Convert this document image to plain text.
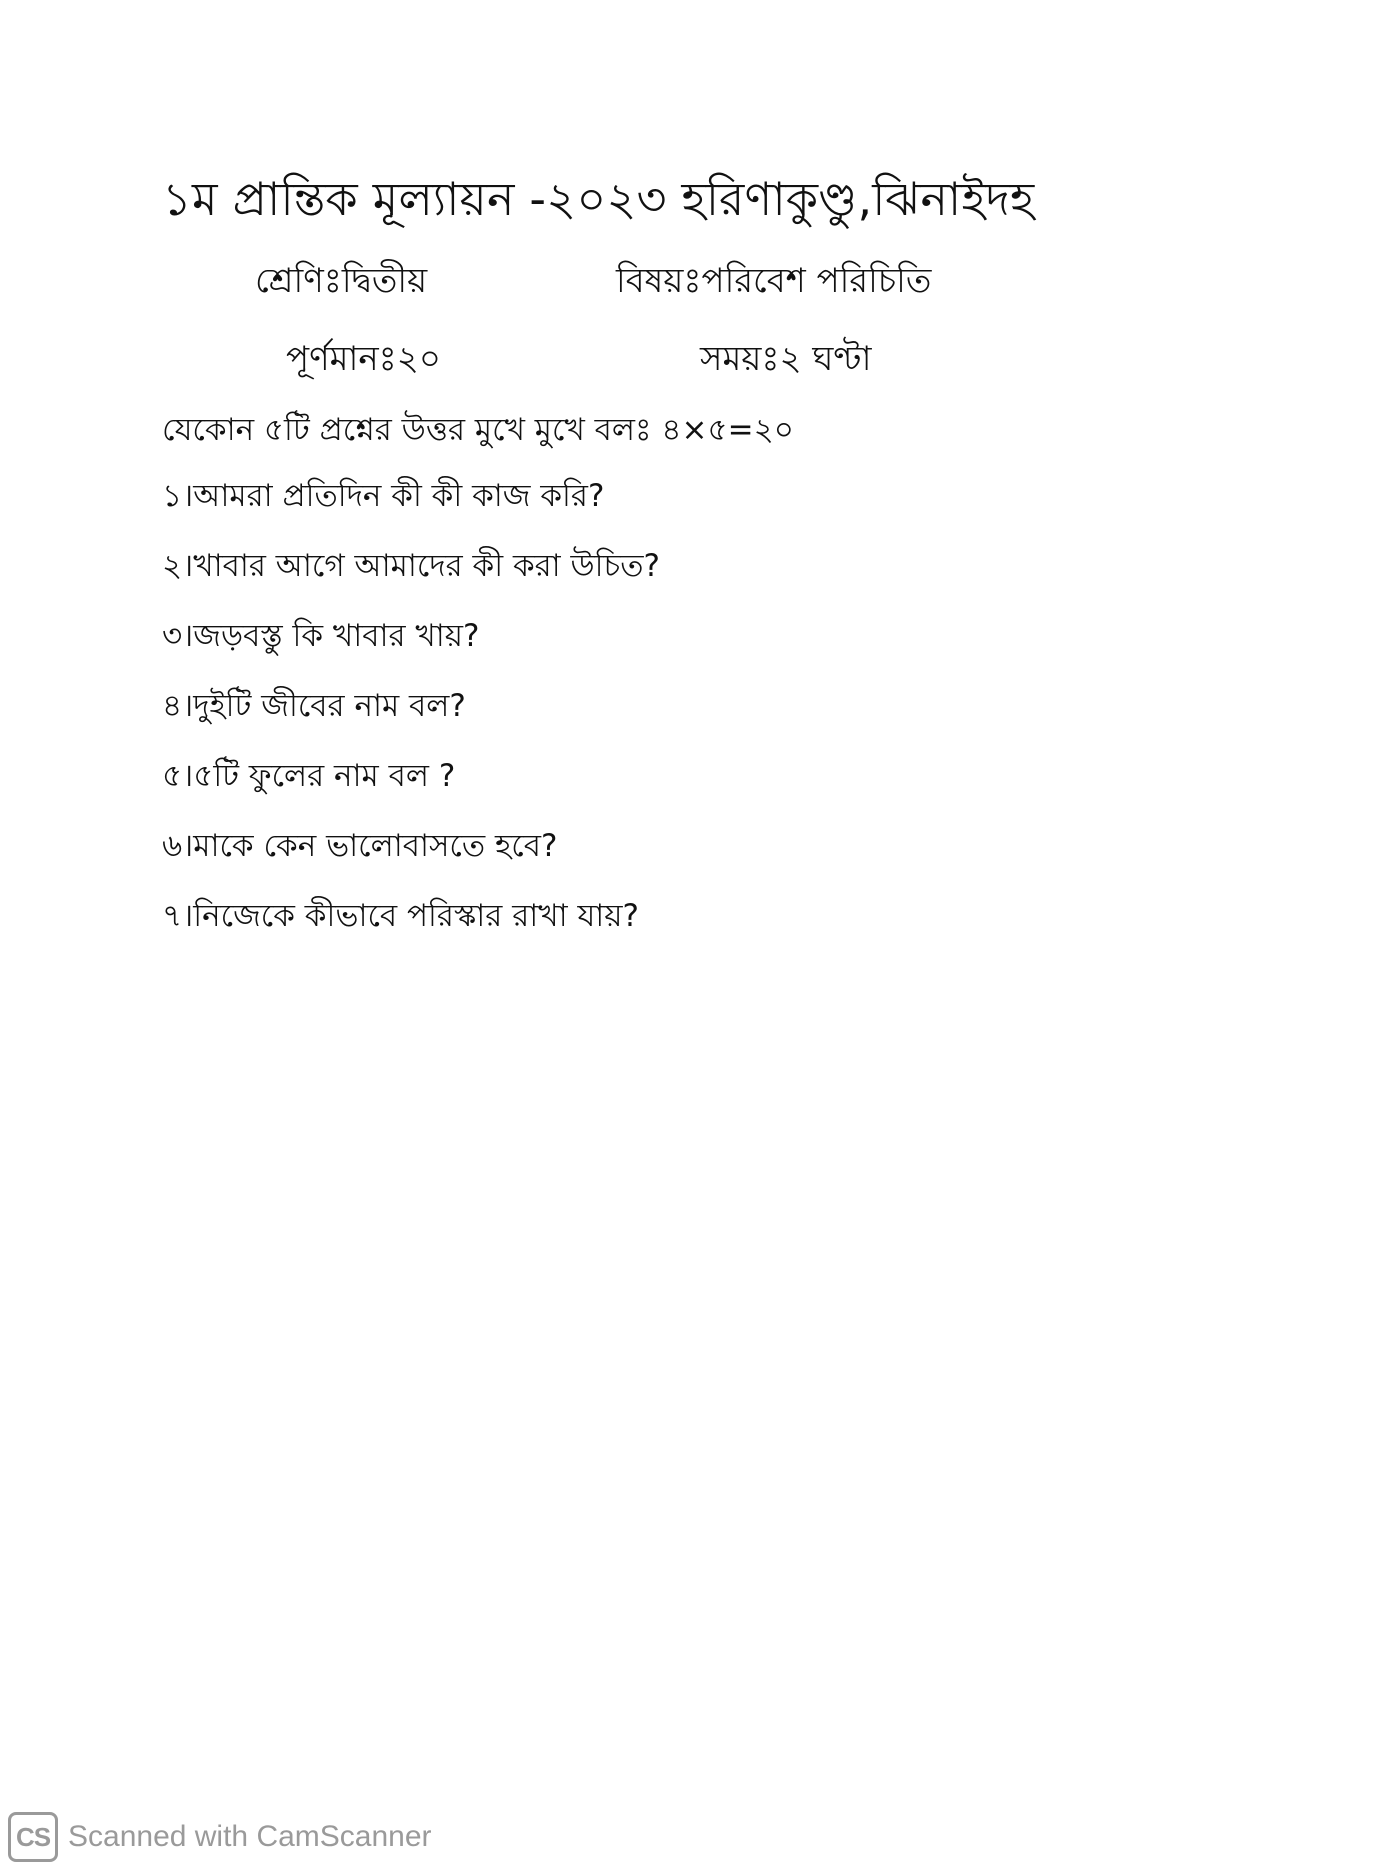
১ম প্রান্তিক মূল্যায়ন -২০২৩ হরিণাকুণ্ডু,ঝিনাইদহ
শ্রেণিঃদ্বিতীয়	বিষয়ঃপরিবেশ পরিচিতি
পূর্ণমানঃ২০	সময়ঃ২ ঘণ্টা
যেকোন ৫টি প্রশ্নের উত্তর মুখে মুখে বলঃ ৪×৫=২০
১।আমরা প্রতিদিন কী কী কাজ করি?
২।খাবার আগে আমাদের কী করা উচিত?
৩।জড়বস্তু কি খাবার খায়?
৪।দুইটি জীবের নাম বল?
৫।৫টি ফুলের নাম বল ?
৬।মাকে কেন ভালোবাসতে হবে?
৭।নিজেকে কীভাবে পরিস্কার রাখা যায়?
CS Scanned with CamScanner
